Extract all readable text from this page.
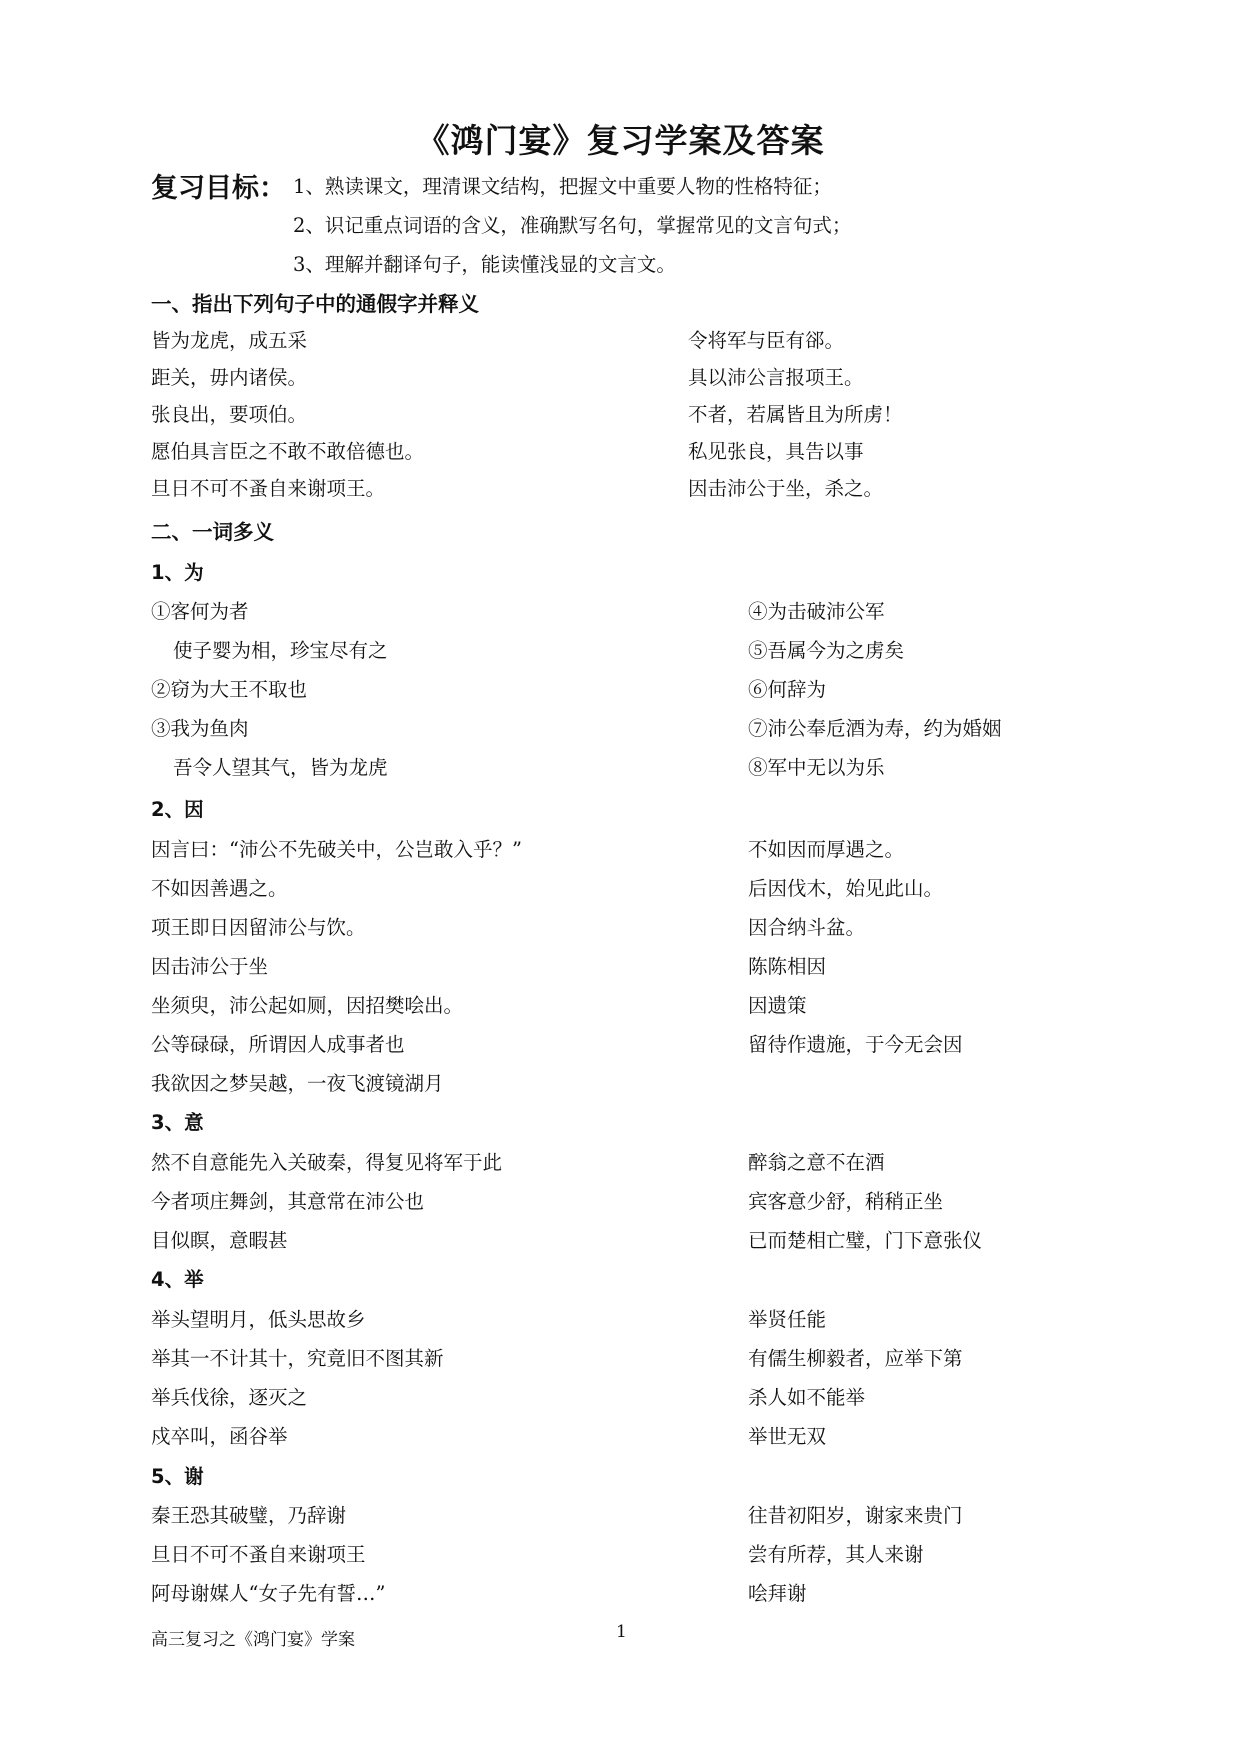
《鸿门宴》复习学案及答案
复习目标： 1、熟读课文，理清课文结构，把握文中重要人物的性格特征；
2、识记重点词语的含义，准确默写名句，掌握常见的文言句式；
3、理解并翻译句子，能读懂浅显的文言文。
一、指出下列句子中的通假字并释义
皆为龙虎，成五采	令将军与臣有郤。
距关，毋内诸侯。	具以沛公言报项王。
张良出，要项伯。	不者，若属皆且为所虏！
愿伯具言臣之不敢不敢倍德也。	私见张良，具告以事
旦日不可不蚤自来谢项王。	因击沛公于坐，杀之。
二、一词多义
1、为
①客何为者	④为击破沛公军
使子婴为相，珍宝尽有之	⑤吾属今为之虏矣
②窃为大王不取也	⑥何辞为
③我为鱼肉	⑦沛公奉卮酒为寿，约为婚姻
吾令人望其气，皆为龙虎	⑧军中无以为乐
2、因
因言曰：“沛公不先破关中，公岂敢入乎？”	不如因而厚遇之。
不如因善遇之。	后因伐木，始见此山。
项王即日因留沛公与饮。	因合纳斗盆。
因击沛公于坐	陈陈相因
坐须臾，沛公起如厕，因招樊哙出。	因遗策
公等碌碌，所谓因人成事者也	留待作遗施，于今无会因
我欲因之梦吴越，一夜飞渡镜湖月
3、意
然不自意能先入关破秦，得复见将军于此	醉翁之意不在酒
今者项庄舞剑，其意常在沛公也	宾客意少舒，稍稍正坐
目似瞑，意暇甚	已而楚相亡璧，门下意张仪
4、举
举头望明月，低头思故乡	举贤任能
举其一不计其十，究竟旧不图其新	有儒生柳毅者，应举下第
举兵伐徐，逐灭之	杀人如不能举
戍卒叫，函谷举	举世无双
5、谢
秦王恐其破璧，乃辞谢	往昔初阳岁，谢家来贵门
旦日不可不蚤自来谢项王	尝有所荐，其人来谢
阿母谢媒人“女子先有誓…”	哙拜谢
高三复习之《鸿门宴》学案	1
